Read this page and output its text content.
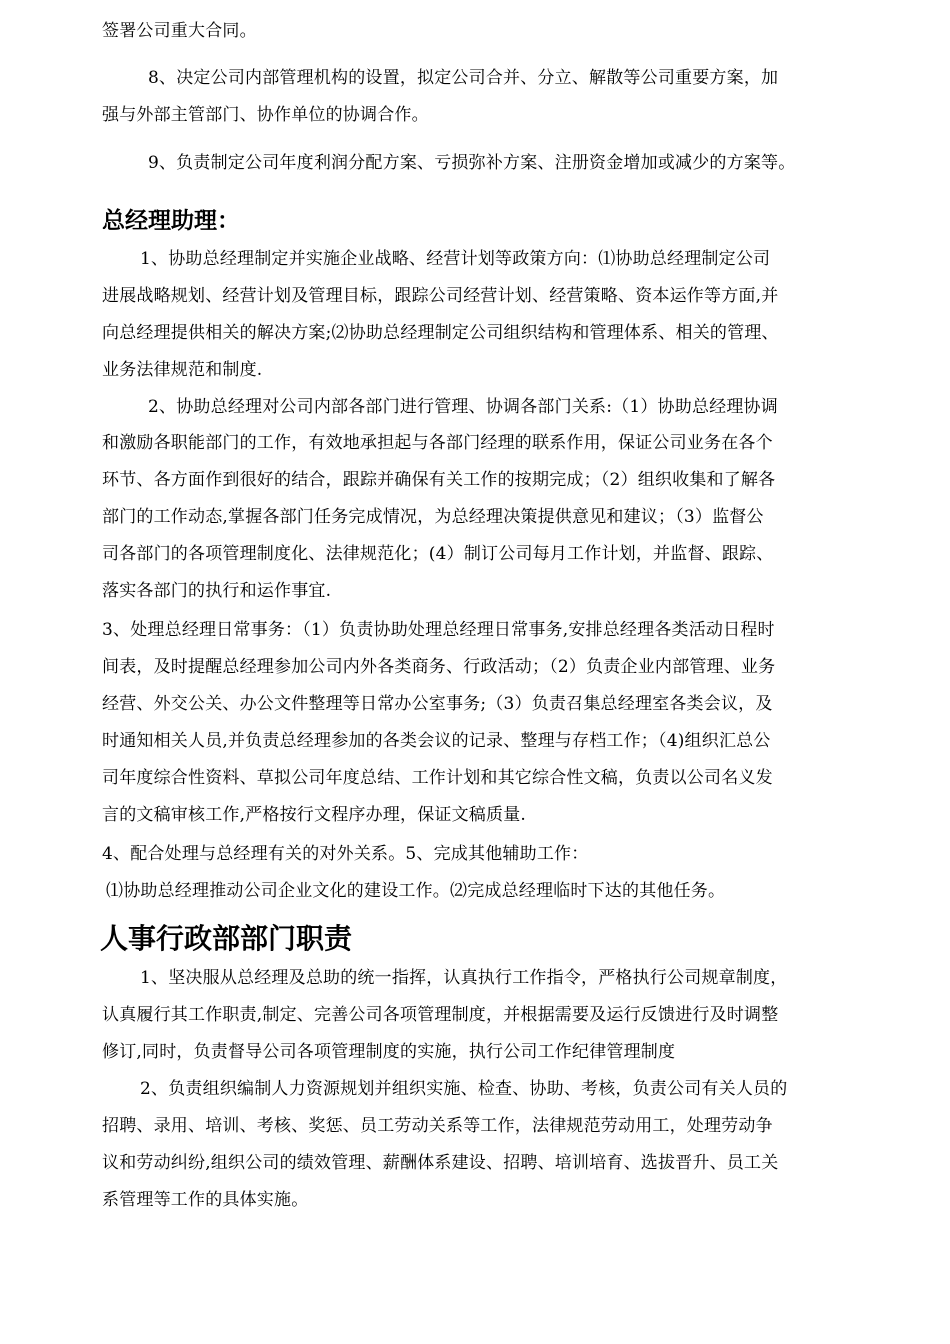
签署公司重大合同。
8、决定公司内部管理机构的设置，拟定公司合并、分立、解散等公司重要方案，加
强与外部主管部门、协作单位的协调合作。
9、负责制定公司年度利润分配方案、亏损弥补方案、注册资金增加或减少的方案等。
总经理助理：
1、协助总经理制定并实施企业战略、经营计划等政策方向：⑴协助总经理制定公司
进展战略规划、经营计划及管理目标，跟踪公司经营计划、经营策略、资本运作等方面,并
向总经理提供相关的解决方案;⑵协助总经理制定公司组织结构和管理体系、相关的管理、
业务法律规范和制度.
2、协助总经理对公司内部各部门进行管理、协调各部门关系:（1）协助总经理协调
和激励各职能部门的工作，有效地承担起与各部门经理的联系作用，保证公司业务在各个
环节、各方面作到很好的结合，跟踪并确保有关工作的按期完成；（2）组织收集和了解各
部门的工作动态,掌握各部门任务完成情况，为总经理决策提供意见和建议；（3）监督公
司各部门的各项管理制度化、法律规范化；(4）制订公司每月工作计划，并监督、跟踪、
落实各部门的执行和运作事宜.
3、处理总经理日常事务：（1）负责协助处理总经理日常事务,安排总经理各类活动日程时
间表，及时提醒总经理参加公司内外各类商务、行政活动；（2）负责企业内部管理、业务
经营、外交公关、办公文件整理等日常办公室事务;（3）负责召集总经理室各类会议，及
时通知相关人员,并负责总经理参加的各类会议的记录、整理与存档工作；（4)组织汇总公
司年度综合性资料、草拟公司年度总结、工作计划和其它综合性文稿，负责以公司名义发
言的文稿审核工作,严格按行文程序办理，保证文稿质量.
4、配合处理与总经理有关的对外关系。5、完成其他辅助工作：
⑴协助总经理推动公司企业文化的建设工作。⑵完成总经理临时下达的其他任务。
人事行政部部门职责
1、坚决服从总经理及总助的统一指挥，认真执行工作指令，严格执行公司规章制度，
认真履行其工作职责,制定、完善公司各项管理制度，并根据需要及运行反馈进行及时调整
修订,同时，负责督导公司各项管理制度的实施，执行公司工作纪律管理制度
2、负责组织编制人力资源规划并组织实施、检查、协助、考核，负责公司有关人员的
招聘、录用、培训、考核、奖惩、员工劳动关系等工作，法律规范劳动用工，处理劳动争
议和劳动纠纷,组织公司的绩效管理、薪酬体系建设、招聘、培训培育、选拔晋升、员工关
系管理等工作的具体实施。
